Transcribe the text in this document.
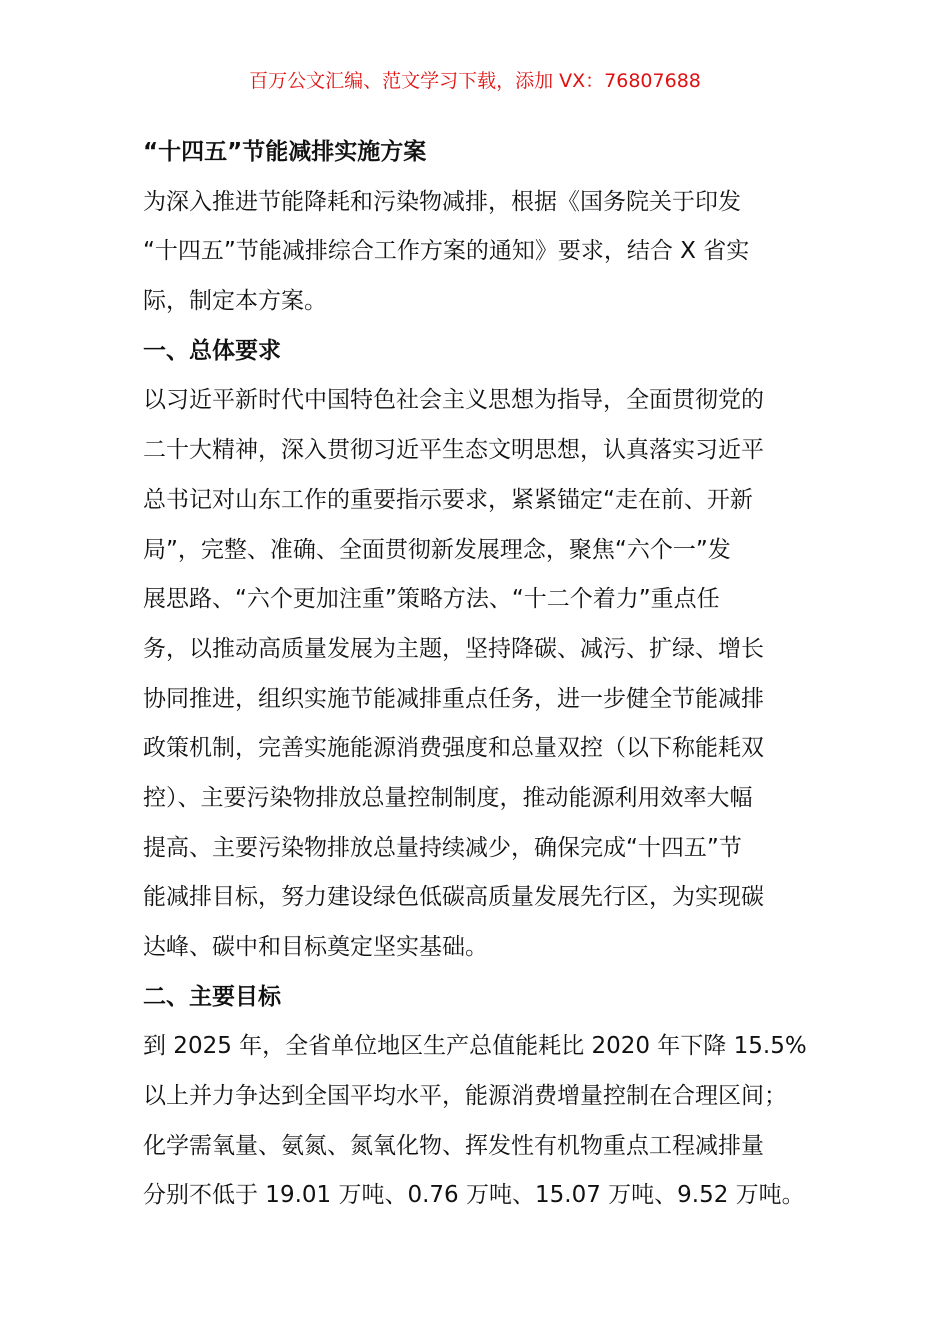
百万公文汇编、范文学习下载，添加 VX：76807688
“十四五”节能减排实施方案
为深入推进节能降耗和污染物减排，根据《国务院关于印发
“十四五”节能减排综合工作方案的通知》要求，结合 X 省实
际，制定本方案。
一、总体要求
以习近平新时代中国特色社会主义思想为指导，全面贯彻党的
二十大精神，深入贯彻习近平生态文明思想，认真落实习近平
总书记对山东工作的重要指示要求，紧紧锚定“走在前、开新
局”，完整、准确、全面贯彻新发展理念，聚焦“六个一”发
展思路、“六个更加注重”策略方法、“十二个着力”重点任
务，以推动高质量发展为主题，坚持降碳、减污、扩绿、增长
协同推进，组织实施节能减排重点任务，进一步健全节能减排
政策机制，完善实施能源消费强度和总量双控（以下称能耗双
控）、主要污染物排放总量控制制度，推动能源利用效率大幅
提高、主要污染物排放总量持续减少，确保完成“十四五”节
能减排目标，努力建设绿色低碳高质量发展先行区，为实现碳
达峰、碳中和目标奠定坚实基础。
二、主要目标
到 2025 年，全省单位地区生产总值能耗比 2020 年下降 15.5%
以上并力争达到全国平均水平，能源消费增量控制在合理区间；
化学需氧量、氨氮、氮氧化物、挥发性有机物重点工程减排量
分别不低于 19.01 万吨、0.76 万吨、15.07 万吨、9.52 万吨。
